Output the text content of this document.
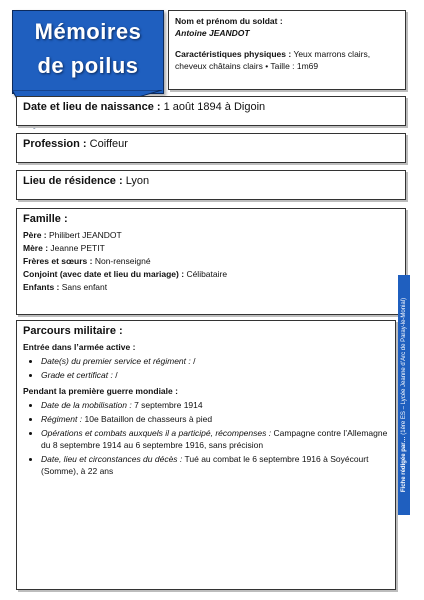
Mémoires
de poilus
Nom et prénom du soldat :
Antoine JEANDOT
Caractéristiques physiques : Yeux marrons clairs, cheveux châtains clairs • Taille : 1m69
Date et lieu de naissance : 1 août 1894 à Digoin
Profession : Coiffeur
Lieu de résidence : Lyon
Famille :
Père : Philibert JEANDOT
Mère : Jeanne PETIT
Frères et sœurs : Non-renseigné
Conjoint (avec date et lieu du mariage) : Célibataire
Enfants : Sans enfant
Parcours militaire :
Entrée dans l’armée active :
• Date(s) du premier service et régiment : /
• Grade et certificat : /
Pendant la première guerre mondiale :
• Date de la mobilisation : 7 septembre 1914
• Régiment : 10e Bataillon de chasseurs à pied
• Opérations et combats auxquels il a participé, récompenses : Campagne contre l’Allemagne du 8 septembre 1914 au 6 septembre 1916, sans précision
• Date, lieu et circonstances du décès : Tué au combat le 6 septembre 1916 à Soyécourt (Somme), à 22 ans	Fiche rédigée par… (1ère ES – Lycée Jeanne d’Arc de Paray-le-Monial)
